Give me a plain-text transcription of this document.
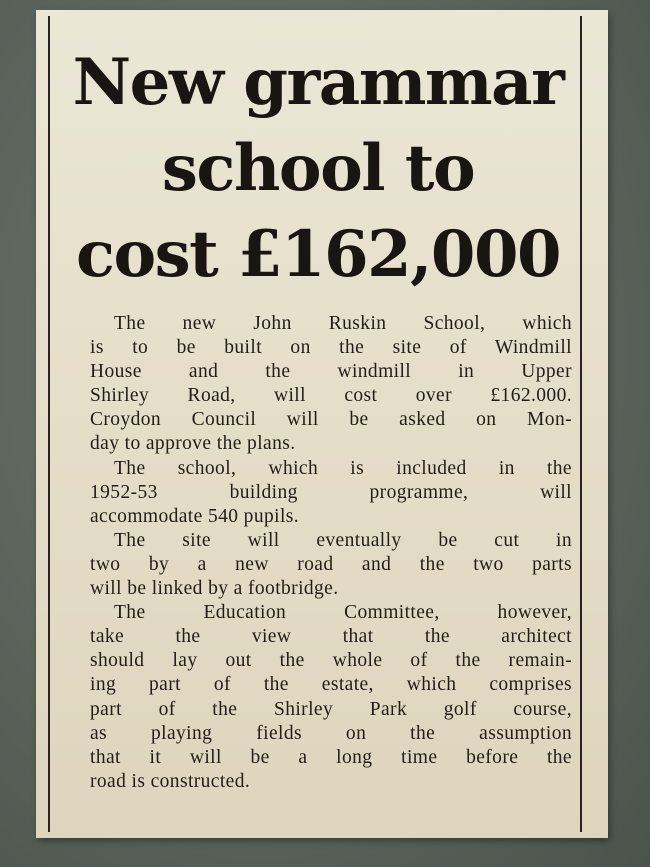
New grammar
school to
cost £162,000

The new John Ruskin School, which
is to be built on the site of Windmill
House and the windmill in Upper
Shirley Road, will cost over £162.000.
Croydon Council will be asked on Mon-
day to approve the plans.

The school, which is included in the
1952-53 building programme, will
accommodate 540 pupils.

The site will eventually be cut in
two by a new road and the two parts
will be linked by a footbridge.

The Education Committee, however,
take the view that the architect
should lay out the whole of the remain-
ing part of the estate, which comprises
part of the Shirley Park golf course,
as playing fields on the assumption
that it will be a long time before the
road is constructed.
